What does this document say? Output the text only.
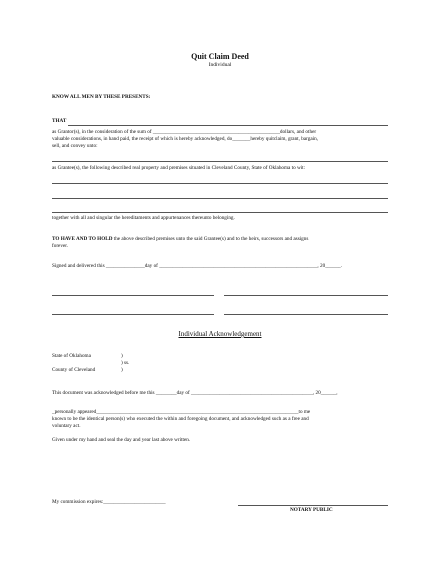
Quit Claim Deed
Individual
KNOW ALL MEN BY THESE PRESENTS:
THAT
as Grantor(s), in the consideration of the sum of _________________________________________________dollars, and other
valuable considerations, in hand paid, the receipt of which is hereby acknowledged, do_______hereby quitclaim, grant, bargain,
sell, and convey unto:
as Grantee(s), the following described real property and premises situated in Cleveland County, State of Oklahoma to wit:
together with all and singular the hereditaments and appurtenances thereunto belonging.
TO HAVE AND TO HOLD the above described premises unto the said Grantee(s) and to the heirs, successors and assigns
forever.
Signed and delivered this _______________day of _____________________________________________________________, 20______.
Individual Acknowledgement
State of Oklahoma	)
) ss.
County of Cleveland	)
This document was acknowledged before me this ________day of _______________________________________________, 20______,
_personally appeared______________________________________________________________________________to me
known to be the identical person(s) who executed the within and foregoing document, and acknowledged such as a free and
voluntary act.
Given under my hand and seal the day and year last above written.
My commission expires:________________________
NOTARY PUBLIC
